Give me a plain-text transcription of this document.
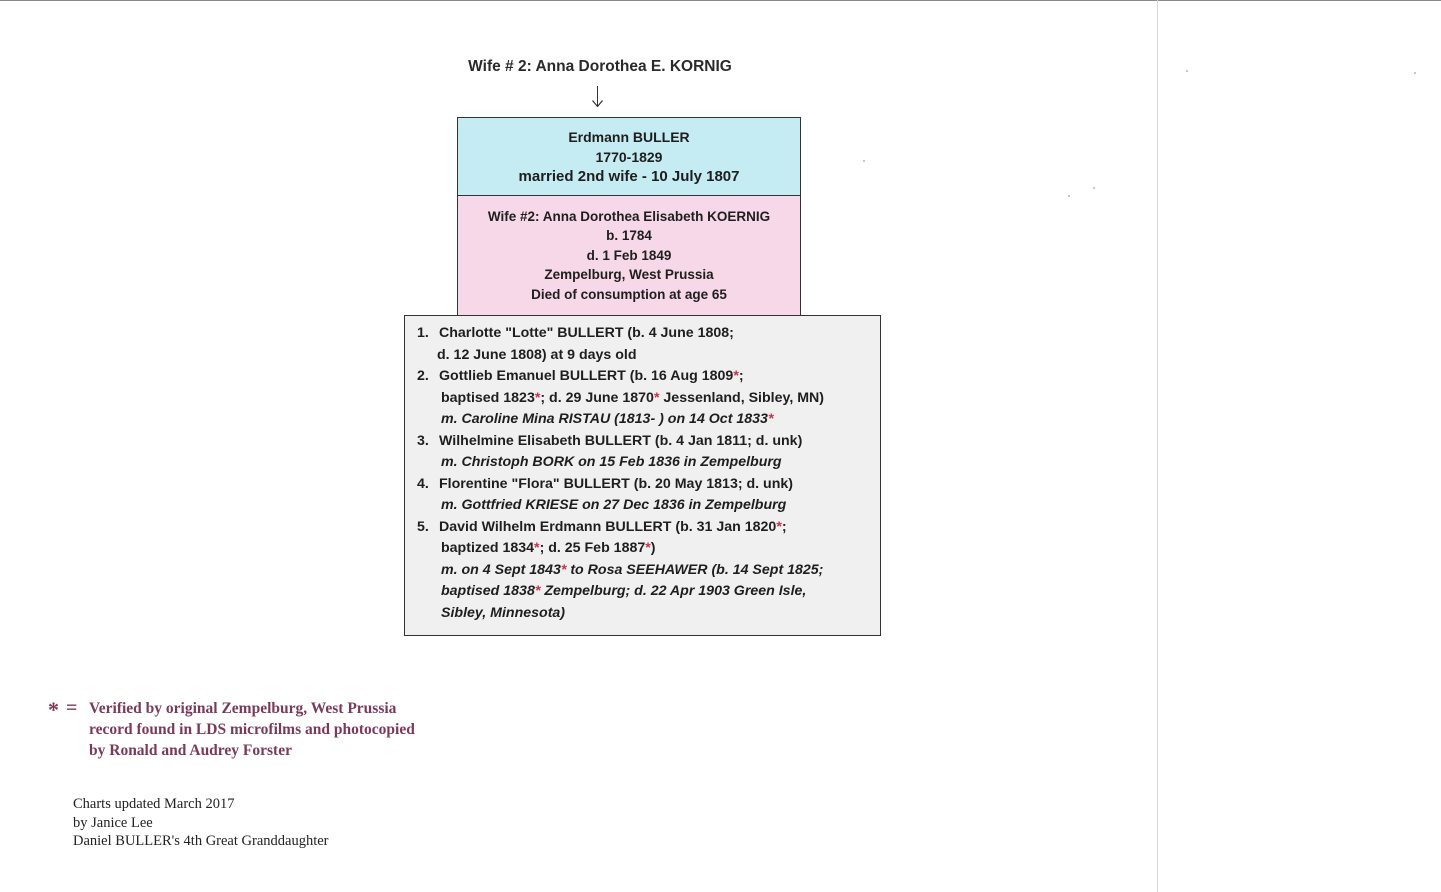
Wife # 2: Anna Dorothea E. KORNIG
Erdmann BULLER
1770-1829
married 2nd wife - 10 July 1807
Wife #2: Anna Dorothea Elisabeth KOERNIG
b. 1784
d. 1 Feb 1849
Zempelburg, West Prussia
Died of consumption at age 65
1. Charlotte "Lotte" BULLERT (b. 4 June 1808;
d. 12 June 1808) at 9 days old
2. Gottlieb Emanuel BULLERT (b. 16 Aug 1809*;
baptised 1823*; d. 29 June 1870* Jessenland, Sibley, MN)
m. Caroline Mina RISTAU (1813- ) on 14 Oct 1833*
3. Wilhelmine Elisabeth BULLERT (b. 4 Jan 1811; d. unk)
m. Christoph BORK on 15 Feb 1836 in Zempelburg
4. Florentine "Flora" BULLERT (b. 20 May 1813; d. unk)
m. Gottfried KRIESE on 27 Dec 1836 in Zempelburg
5. David Wilhelm Erdmann BULLERT (b. 31 Jan 1820*;
baptized 1834*; d. 25 Feb 1887*)
m. on 4 Sept 1843* to Rosa SEEHAWER (b. 14 Sept 1825;
baptised 1838* Zempelburg; d. 22 Apr 1903 Green Isle,
Sibley, Minnesota)
* = Verified by original Zempelburg, West Prussia
record found in LDS microfilms and photocopied
by Ronald and Audrey Forster
Charts updated March 2017
by Janice Lee
Daniel BULLER's 4th Great Granddaughter
